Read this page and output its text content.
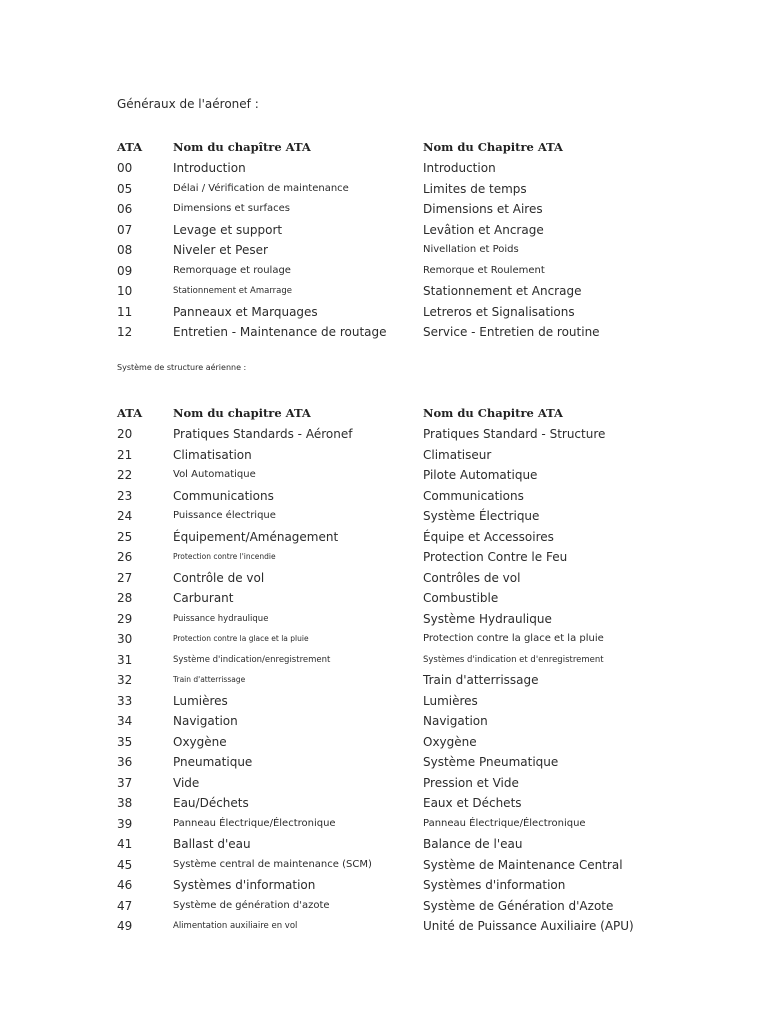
Généraux de l'aéronef :
ATA	Nom du chapître ATA	Nom du Chapitre ATA
00	Introduction	Introduction
05	Délai / Vérification de maintenance	Limites de temps
06	Dimensions et surfaces	Dimensions et Aires
07	Levage et support	Levâtion et Ancrage
08	Niveler et Peser	Nivellation et Poids
09	Remorquage et roulage	Remorque et Roulement
10	Stationnement et Amarrage	Stationnement et Ancrage
11	Panneaux et Marquages	Letreros et Signalisations
12	Entretien - Maintenance de routage	Service - Entretien de routine
Système de structure aérienne :
ATA	Nom du chapitre ATA	Nom du Chapitre ATA
20	Pratiques Standards - Aéronef	Pratiques Standard - Structure
21	Climatisation	Climatiseur
22	Vol Automatique	Pilote Automatique
23	Communications	Communications
24	Puissance électrique	Système Électrique
25	Équipement/Aménagement	Équipe et Accessoires
26	Protection contre l'incendie	Protection Contre le Feu
27	Contrôle de vol	Contrôles de vol
28	Carburant	Combustible
29	Puissance hydraulique	Système Hydraulique
30	Protection contre la glace et la pluie	Protection contre la glace et la pluie
31	Système d'indication/enregistrement	Systèmes d'indication et d'enregistrement
32	Train d'atterrissage	Train d'atterrissage
33	Lumières	Lumières
34	Navigation	Navigation
35	Oxygène	Oxygène
36	Pneumatique	Système Pneumatique
37	Vide	Pression et Vide
38	Eau/Déchets	Eaux et Déchets
39	Panneau Électrique/Électronique	Panneau Électrique/Électronique
41	Ballast d'eau	Balance de l'eau
45	Système central de maintenance (SCM)	Système de Maintenance Central
46	Systèmes d'information	Systèmes d'information
47	Système de génération d'azote	Système de Génération d'Azote
49	Alimentation auxiliaire en vol	Unité de Puissance Auxiliaire (APU)
